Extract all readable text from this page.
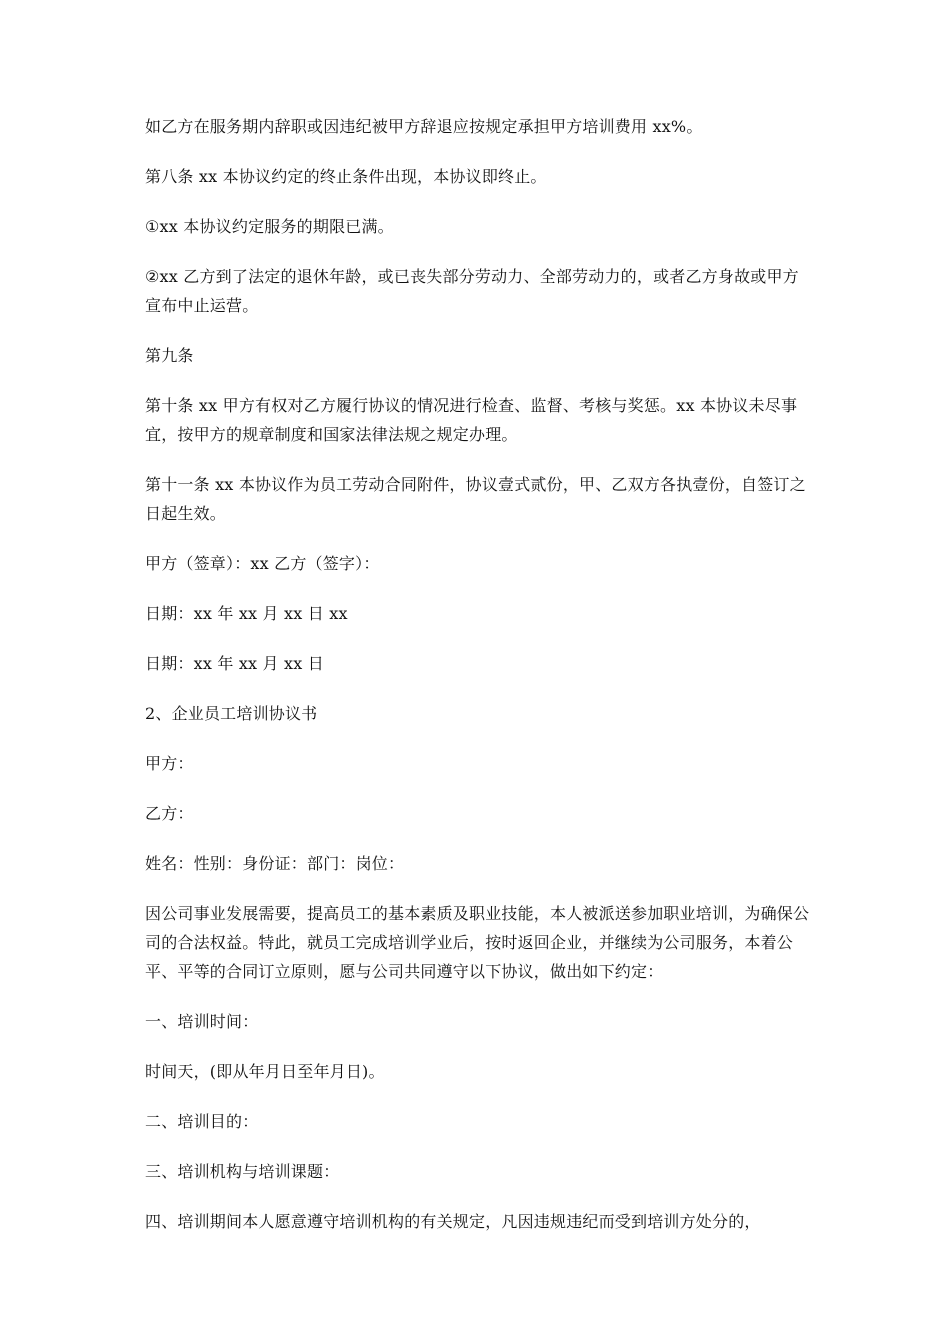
如乙方在服务期内辞职或因违纪被甲方辞退应按规定承担甲方培训费用 xx%。

第八条 xx 本协议约定的终止条件出现，本协议即终止。

①xx 本协议约定服务的期限已满。

②xx 乙方到了法定的退休年龄，或已丧失部分劳动力、全部劳动力的，或者乙方身故或甲方宣布中止运营。

第九条

第十条 xx 甲方有权对乙方履行协议的情况进行检查、监督、考核与奖惩。xx 本协议未尽事宜，按甲方的规章制度和国家法律法规之规定办理。

第十一条 xx 本协议作为员工劳动合同附件，协议壹式贰份，甲、乙双方各执壹份，自签订之日起生效。

甲方（签章）：xx 乙方（签字）：

日期：xx 年 xx 月 xx 日 xx

日期：xx 年 xx 月 xx 日

2、企业员工培训协议书

甲方：

乙方：

姓名：性别：身份证：部门：岗位：

因公司事业发展需要，提高员工的基本素质及职业技能，本人被派送参加职业培训，为确保公司的合法权益。特此，就员工完成培训学业后，按时返回企业，并继续为公司服务，本着公平、平等的合同订立原则，愿与公司共同遵守以下协议，做出如下约定：

一、培训时间：

时间天，(即从年月日至年月日)。

二、培训目的：

三、培训机构与培训课题：

四、培训期间本人愿意遵守培训机构的有关规定，凡因违规违纪而受到培训方处分的，
